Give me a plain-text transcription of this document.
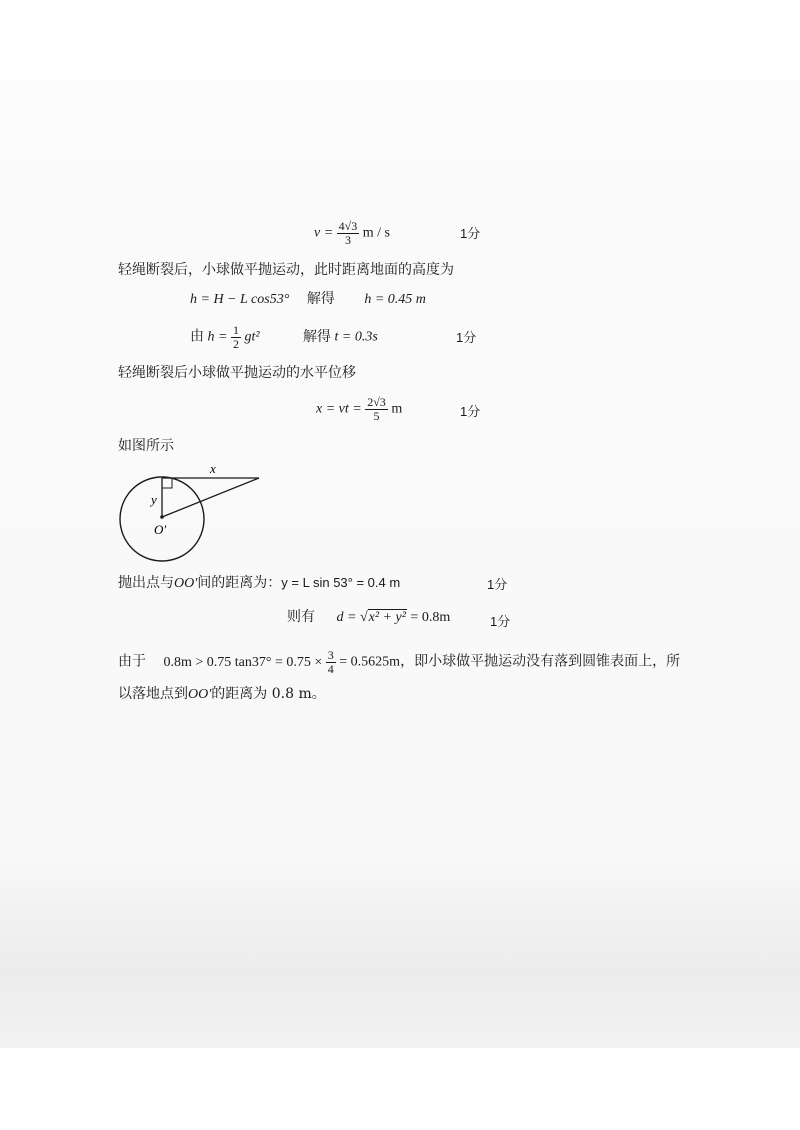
$v = \frac{4√3}{3}$ m / s	1分
轻绳断裂后，小球做平抛运动，此时距离地面的高度为
h = H − L cos53° 解得 h = 0.45 m
由 $h = \frac{1}{2} gt^2$	解得 t = 0.3s	1分
轻绳断裂后小球做平抛运动的水平位移
x = vt = $\frac{2√3}{5}$ m	1分
如图所示
x
y
O′
抛出点与OO′间的距离为：y = L sin 53° = 0.4 m	1分
则有 d = √x² + y² = 0.8m	1分
由于 0.8m > 0.75 $\tan 37^\circ = 0.75 \times \frac{3}{4} = 0.5625m$，即小球做平抛运动没有落到圆锥表面上，所
以落地点到OO′的距离为 0.8 m。
